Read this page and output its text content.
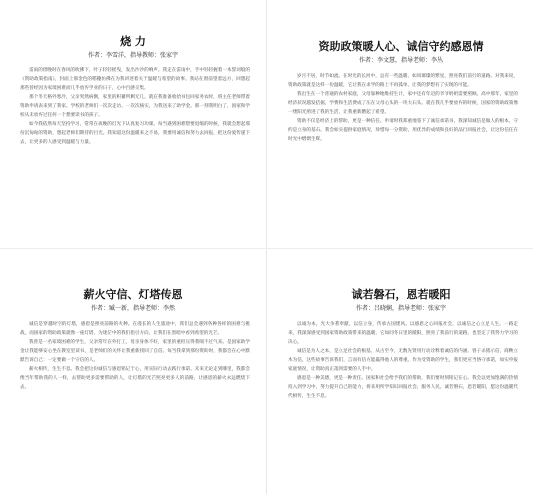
烧 力
作者：李雪洋，指导教师：张家宇

雷雨的傍晚时在春风的吹拂下，叶子轻轻摇曳，发出沙沙的响声。我走在雷雨中，手中轻轻握着一本誓词般的《资助政策指南》，封面上那金色的稻穗仿佛在为我讲述着关于温暖与希望的故事。我站在窗前望着远方，回想起那些曾经因为家境困难而几乎放弃学业的日子，心中百感交集。

那个冬天格外寒冷，父亲突然病倒，家里的积蓄所剩无几。就在我准备收拾书包回家务农时，班主任老师带着资助申请表来到了我家。学校的老师们一次次走访、一次次核实，为我送来了助学金。那一刻我明白了，国家和学校从未放弃过任何一个想要读书的孩子。

如今我依然每天坚持学习，常常在夜晚的灯光下认真复习功课。每当遇到困难想要退缩的时候，我就会想起那份沉甸甸的资助，想起老师们期待的目光。我知道这份温暖来之不易，我要用诚信和努力去回报，把这份爱传递下去，让更多的人感受到温暖与力量。

资助政策暖人心、诚信守约感恩情
作者：李文慧，指导老师：李丛

岁月不居，时节如流。在时光的长河中，总有一些温暖，如同璀璨的繁星，照亮我们前行的道路。对我来说，资助政策就是这样一份温暖，它让我在求学的路上不再孤单，让我的梦想有了实现的可能。

我出生在一个普通的农村家庭，父母靠种地维持生计，家中还有年迈的爷爷奶奶需要照顾。高中那年，家里的经济状况越发拮据，学费和生活费成了压在父母心头的一块大石头。就在我几乎要放弃的时候，国家的资助政策像一缕阳光照进了我的生活，让我重新燃起了希望。

资助不仅是经济上的帮助，更是一种信任。申请时我郑重地签下了诚信承诺书，我深知诚信是做人的根本，守约是立身的基石。我会如实提供家庭情况，珍惜每一分资助，用优异的成绩和良好的品行回报社会，让这份信任在时光中熠熠生辉。

薪火守信、灯塔传恩
作者：臧一新，指导老师：李然

诚信是穿越时空的灯塔，感恩是照亮前路的火种。在漫长的人生旅途中，我们总会遇到各种各样的困难与挑战，而国家的资助政策就像一座灯塔，为迷茫中的我们指引方向，让我们在黑暗中看到希望的光芒。

我曾是一名家境困难的学生，父亲常年在外打工，母亲身体不好，家里的重担压得我喘不过气来。是国家助学金让我能够安心坐在教室里读书，是老师们的关怀让我重新找回了自信。每当我拿到那份资助时，我都会在心中默默告诉自己：一定要做一个守信的人。

薪火相传，生生不息。我会把这份诚信与感恩铭记于心，用实际行动去践行承诺。未来无论走到哪里，我都会像当年帮助我的人一样，去帮助更多需要帮助的人，让灯塔的光芒照亮更多人的前路，让感恩的薪火永远燃烧下去。

诚若磐石，恩若暖阳
作者：吕晓娴，指导老师：张家宇

以诚为本，光大争著奉献，以信立身，传承古国建风。以感恩之心回报社会，以诚信之心立足人生。一路走来，我深深感受到国家资助政策带来的温暖，它如同冬日里的暖阳，照亮了我前行的道路，也坚定了我努力学习的决心。

诚信是为人之本，是立足社会的根基。从古至今，无数先贤用行动诠释着诚信的内涵。曾子杀猪示信，商鞅立木为信，这些故事告诉我们，言而有信方能赢得他人的尊重。作为受资助的学生，我们更应当恪守承诺，如实申报家庭情况，让资助真正落到需要的人手中。

感恩是一种美德，更是一种责任。国家和社会给予我们的帮助，我们要时刻铭记在心。我会以更加饱满的热情投入到学习中，努力提升自己的能力，将来用所学知识回报社会、服务人民。诚若磐石，恩若暖阳，愿这份温暖代代相传，生生不息。
